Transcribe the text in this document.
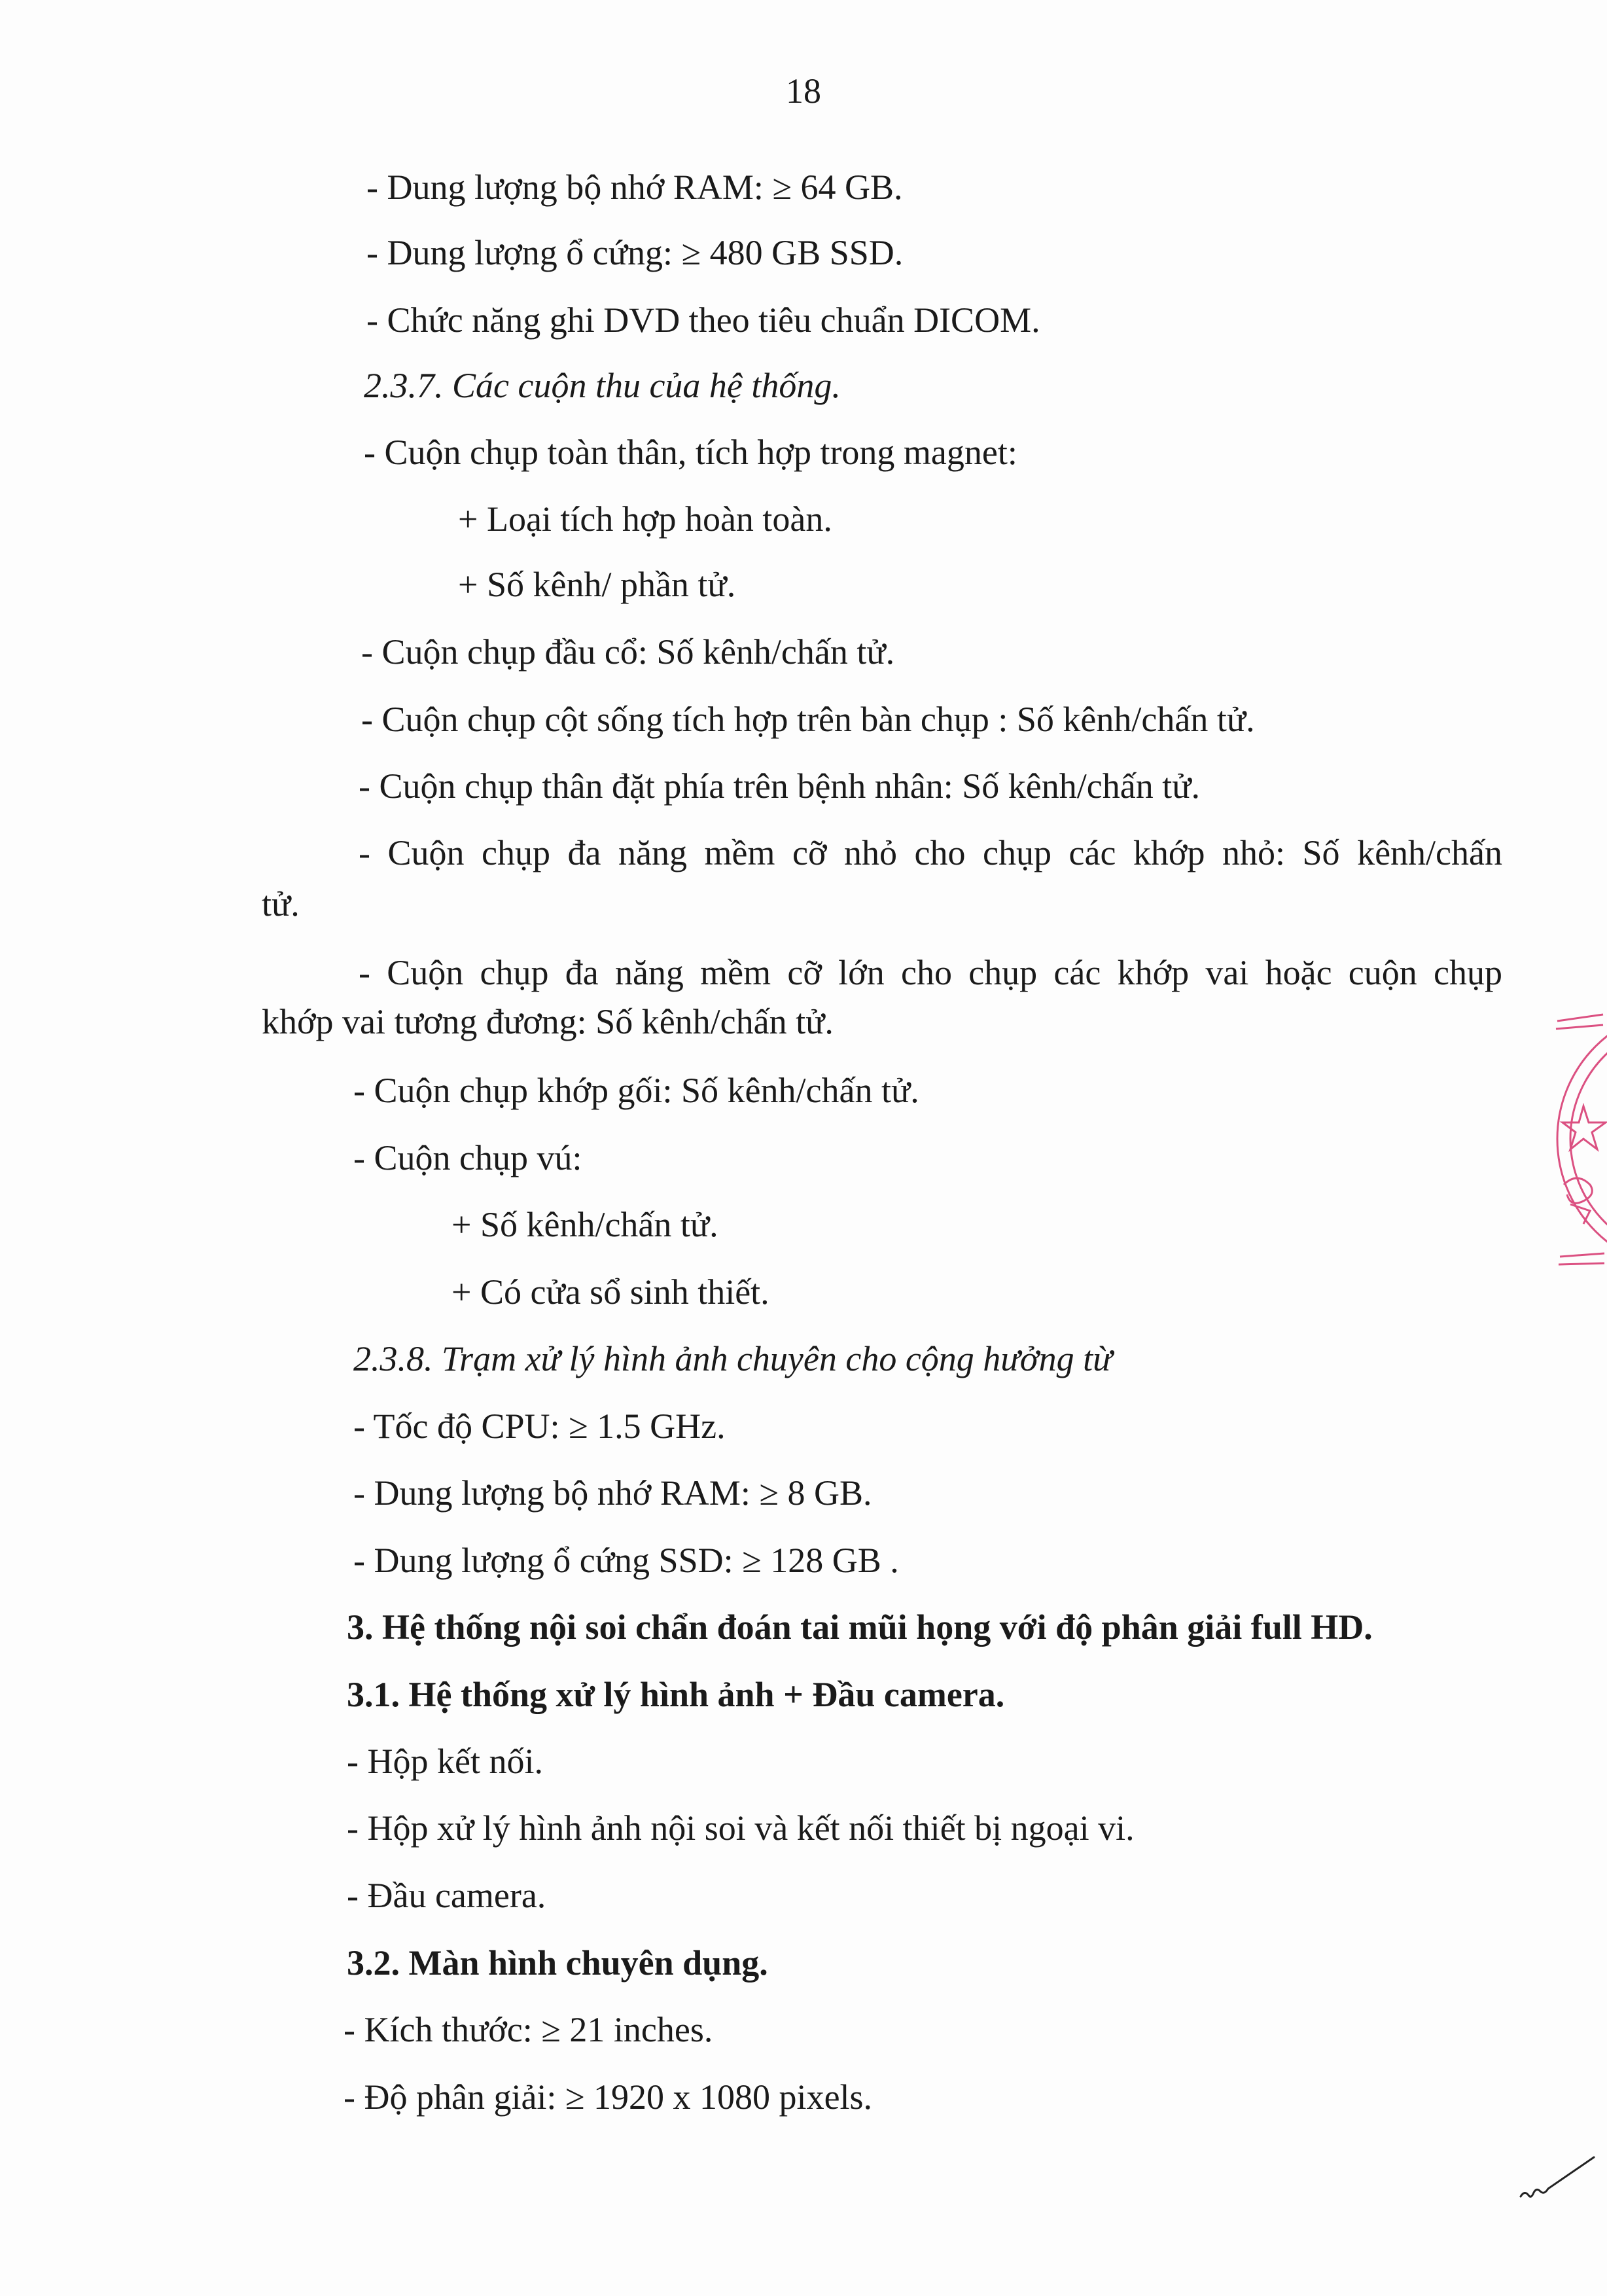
18
- Dung lượng bộ nhớ RAM: ≥ 64 GB.
- Dung lượng ổ cứng: ≥ 480 GB SSD.
- Chức năng ghi DVD theo tiêu chuẩn DICOM.
2.3.7. Các cuộn thu của hệ thống.
- Cuộn chụp toàn thân, tích hợp trong magnet:
+ Loại tích hợp hoàn toàn.
+ Số kênh/ phần tử.
- Cuộn chụp đầu cổ: Số kênh/chấn tử.
- Cuộn chụp cột sống tích hợp trên bàn chụp : Số kênh/chấn tử.
- Cuộn chụp thân đặt phía trên bệnh nhân: Số kênh/chấn tử.
- Cuộn chụp đa năng mềm cỡ nhỏ cho chụp các khớp nhỏ: Số kênh/chấn
tử.
- Cuộn chụp đa năng mềm cỡ lớn cho chụp các khớp vai hoặc cuộn chụp
khớp vai tương đương: Số kênh/chấn tử.
- Cuộn chụp khớp gối: Số kênh/chấn tử.
- Cuộn chụp vú:
+ Số kênh/chấn tử.
+ Có cửa sổ sinh thiết.
2.3.8. Trạm xử lý hình ảnh chuyên cho cộng hưởng từ
- Tốc độ CPU: ≥ 1.5 GHz.
- Dung lượng bộ nhớ RAM: ≥ 8 GB.
- Dung lượng ổ cứng SSD: ≥ 128 GB .
3. Hệ thống nội soi chẩn đoán tai mũi họng với độ phân giải full HD.
3.1. Hệ thống xử lý hình ảnh + Đầu camera.
- Hộp kết nối.
- Hộp xử lý hình ảnh nội soi và kết nối thiết bị ngoại vi.
- Đầu camera.
3.2. Màn hình chuyên dụng.
- Kích thước: ≥ 21 inches.
- Độ phân giải: ≥ 1920 x 1080 pixels.
